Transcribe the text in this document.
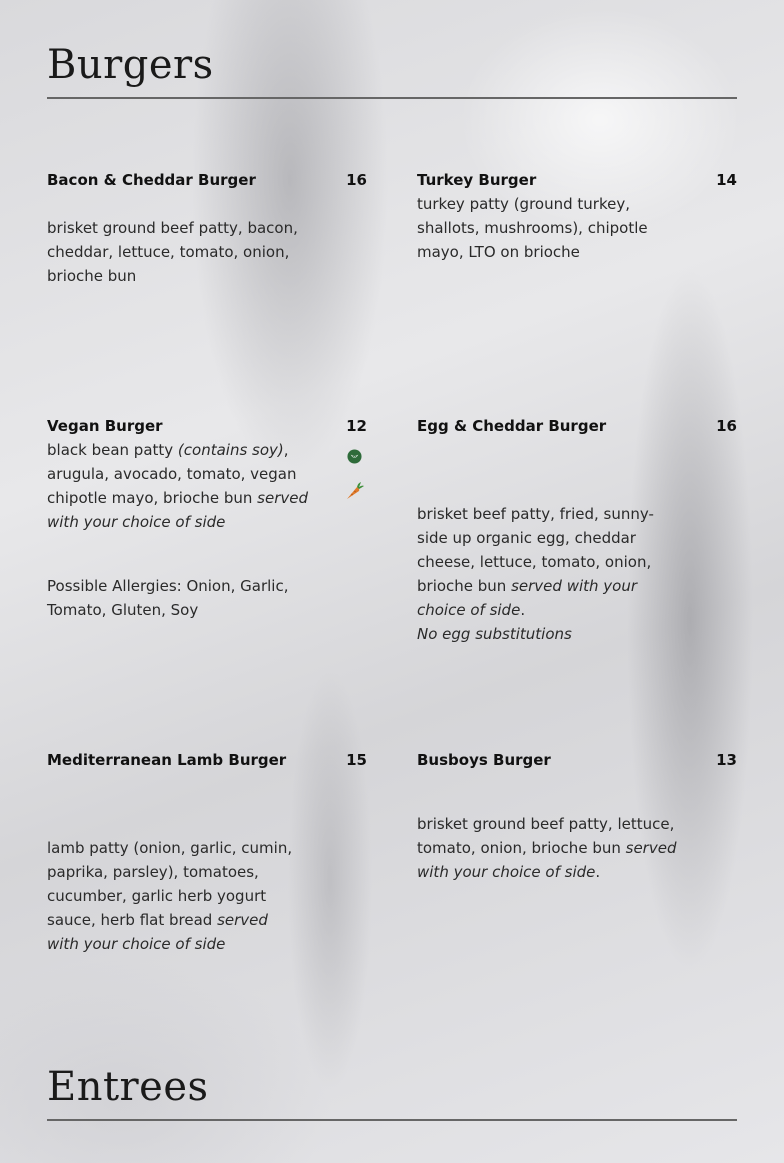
Burgers
Bacon & Cheddar Burger	16
brisket ground beef patty, bacon, cheddar, lettuce, tomato, onion, brioche bun
Turkey Burger	14
turkey patty (ground turkey, shallots, mushrooms), chipotle mayo, LTO on brioche
Vegan Burger	12
black bean patty (contains soy), arugula, avocado, tomato, vegan chipotle mayo, brioche bun served with your choice of side
Possible Allergies: Onion, Garlic, Tomato, Gluten, Soy
Egg & Cheddar Burger	16
brisket beef patty, fried, sunny-side up organic egg, cheddar cheese, lettuce, tomato, onion, brioche bun served with your choice of side.
No egg substitutions
Mediterranean Lamb Burger	15
lamb patty (onion, garlic, cumin, paprika, parsley), tomatoes, cucumber, garlic herb yogurt sauce, herb flat bread served with your choice of side
Busboys Burger	13
brisket ground beef patty, lettuce, tomato, onion, brioche bun served with your choice of side.
Entrees
